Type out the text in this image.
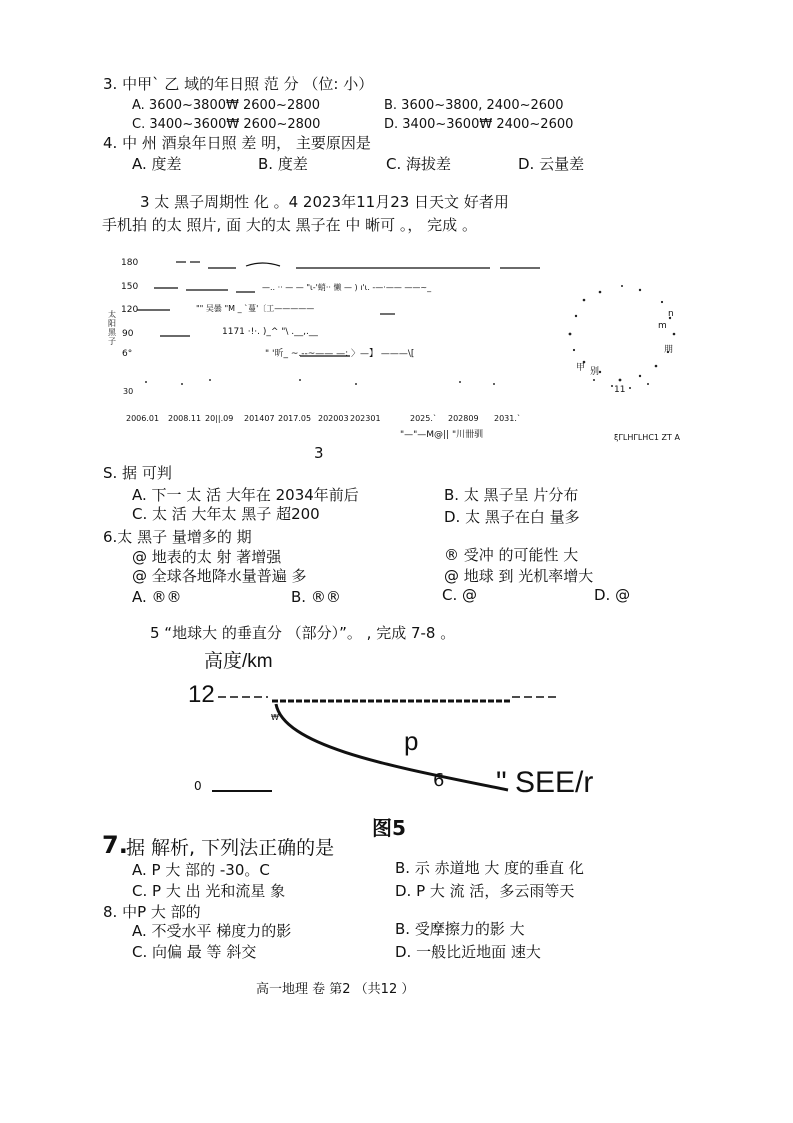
3. 中甲` 乙 域的年日照 范 分 （位: 小）
A. 3600~3800₩ 2600~2800	B. 3600~3800, 2400~2600
C. 3400~3600₩ 2600~2800	D. 3400~3600₩ 2400~2600
4. 中 州 酒泉年日照 差 明， 主要原因是
A. 度差	B. 度差	C. 海拔差	D. 云量差
3 太 黑子周期性 化 。4 2023年11月23 日天文 好者用
手机拍 的太 照片, 面 大的太 黑子在 中 晰可 。， 完成 。
180
150
120
90
6°
30
太阳黑子
—.. ·· — — "ι-'蛸·· 懒 — ) ı'ι. -—·—— ——~_
"" 吴曇 "M _ `蔓'〔工—————
1171 ·!·. )_^ "\ .__,.__
" '昕_ ~.--~—— —: 〉—】 ———\[
2006.01 2008.11 20||.09 201407 2017.05 202003 202301	2025.` 202809 2031.`
"—"—M@|| "川卌驯
n
m
朋
甲 别
11
ξΓLHΓLHC1 ΖΤ Α
3
S. 据 可判
A. 下一 太 活 大年在 2034年前后	B. 太 黑子呈 片分布
C. 太 活 大年太 黑子 超200	D. 太 黑子在白 量多
6.太 黑子 量增多的 期
@ 地表的太 射 著增强	® 受冲 的可能性 大
@ 全球各地降水量普遍 多	@ 地球 到 光机率增大
A. ®®	B. ®®	C. @	D. @
5 “地球大 的垂直分 （部分）”。 , 完成 7-8 。
高度/km
12
₩
p
0	6 " SEE/r
图5
7.
据 解析, 下列法正确的是
A. P 大 部的 -30。C	B. 示 赤道地 大 度的垂直 化
C. P 大 出 光和流星 象	D. P 大 流 活，多云雨等天
8. 中P 大 部的
A. 不受水平 梯度力的影	B. 受摩擦力的影 大
C. 向偏 最 等 斜交	D. 一般比近地面 速大
高一地理 卷 第2 （共12 ）
